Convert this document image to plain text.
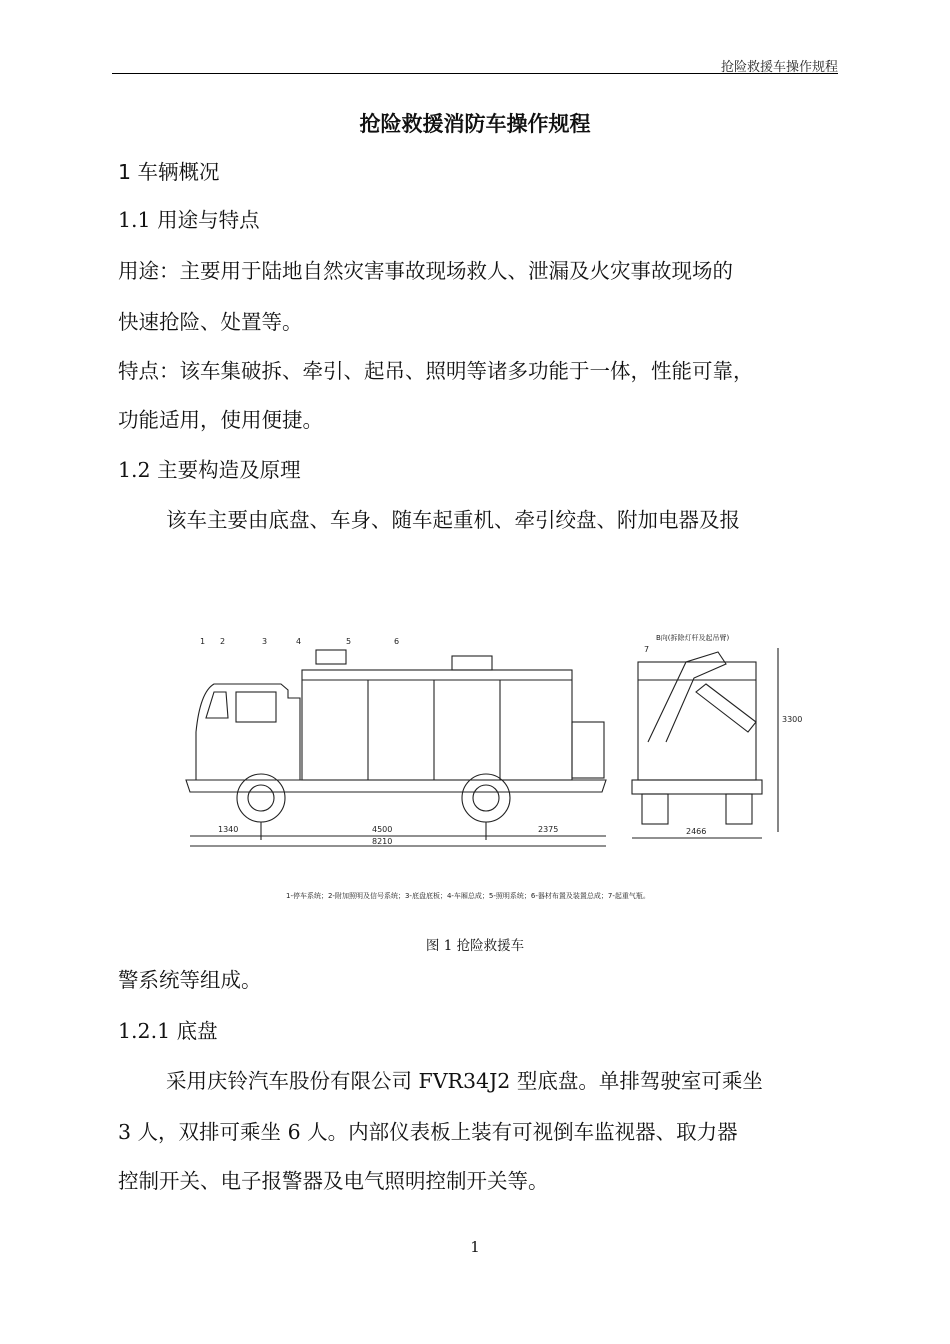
抢险救援车操作规程
抢险救援消防车操作规程
1 车辆概况
1.1 用途与特点
用途：主要用于陆地自然灾害事故现场救人、泄漏及火灾事故现场的
快速抢险、处置等。
特点：该车集破拆、牵引、起吊、照明等诸多功能于一体，性能可靠，
功能适用，使用便捷。
1.2 主要构造及原理
该车主要由底盘、车身、随车起重机、牵引绞盘、附加电器及报
1 2	3	4	5	6
7
B向(拆除灯杆及起吊臂)
1340	4500
8210
2375	2466
3300
1-停车系统；2-附加照明及信号系统；3-底盘底板；4-车厢总成；5-照明系统；6-器材布置及装置总成；7-起重气瓶。
图 1 抢险救援车
警系统等组成。
1.2.1 底盘
采用庆铃汽车股份有限公司 FVR34J2 型底盘。单排驾驶室可乘坐
3 人，双排可乘坐 6 人。内部仪表板上装有可视倒车监视器、取力器
控制开关、电子报警器及电气照明控制开关等。
1
